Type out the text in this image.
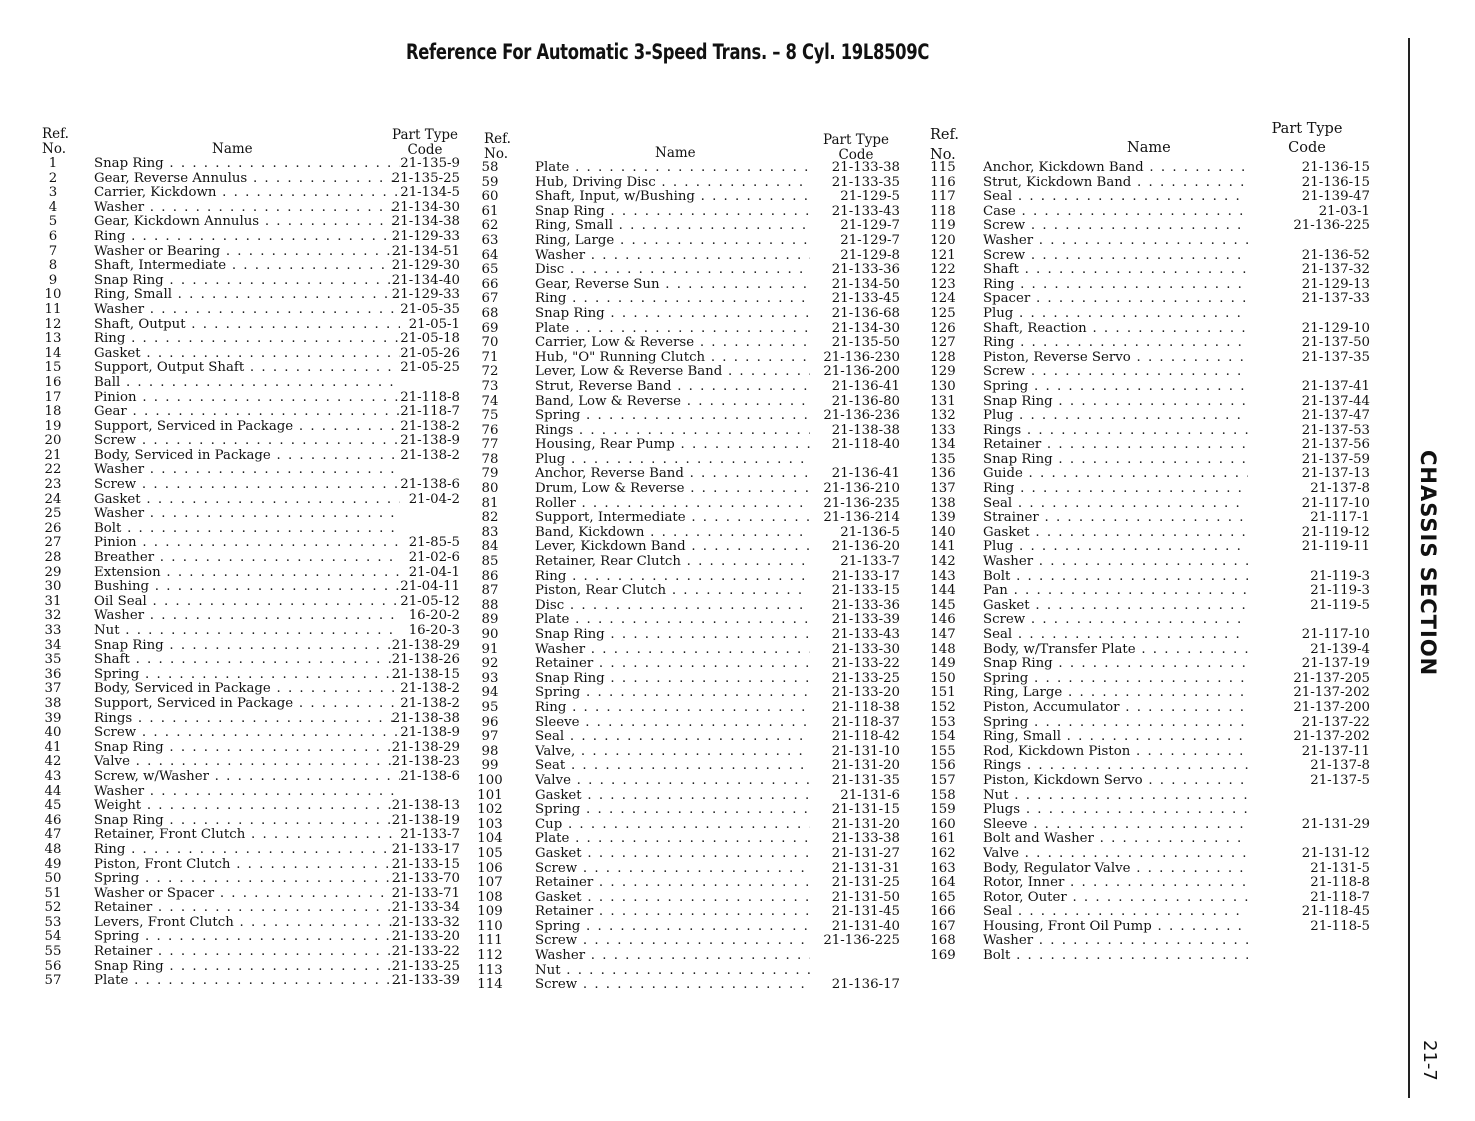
Reference For Automatic 3-Speed Trans. – 8 Cyl. 19L8509C
Ref.
No.	Name
Part Type
Code
1	Snap Ring . . .	21-135-9
2	Gear, Reverse Annulus . . .	21-135-25
3	Carrier, Kickdown . . .	21-134-5
4	Washer . . .	21-134-30
5	Gear, Kickdown Annulus . . .	21-134-38
6	Ring . . .	21-129-33
7	Washer or Bearing . . .	21-134-51
8	Shaft, Intermediate . . .	21-129-30
9	Snap Ring . . .	21-134-40
10	Ring, Small . . .	21-129-33
11	Washer . . .	21-05-35
12	Shaft, Output . . .	21-05-1
13	Ring . . .	21-05-18
14	Gasket . . .	21-05-26
15	Support, Output Shaft . . .	21-05-25
16	Ball . . .
17	Pinion . . .	21-118-8
18	Gear . . .	21-118-7
19	Support, Serviced in Package . . .	21-138-2
20	Screw . . .	21-138-9
21	Body, Serviced in Package . . .	21-138-2
22	Washer . . .
23	Screw . . .	21-138-6
24	Gasket . . .	21-04-2
25	Washer . . .
26	Bolt . . .
27	Pinion . . .	21-85-5
28	Breather . . .	21-02-6
29	Extension . . .	21-04-1
30	Bushing . . .	21-04-11
31	Oil Seal . . .	21-05-12
32	Washer . . .	16-20-2
33	Nut . . .	16-20-3
34	Snap Ring . . .	21-138-29
35	Shaft . . .	21-138-26
36	Spring . . .	21-138-15
37	Body, Serviced in Package . . .	21-138-2
38	Support, Serviced in Package . . .	21-138-2
39	Rings . . .	21-138-38
40	Screw . . .	21-138-9
41	Snap Ring . . .	21-138-29
42	Valve . . .	21-138-23
43	Screw, w/Washer . . .	21-138-6
44	Washer . . .
45	Weight . . .	21-138-13
46	Snap Ring . . .	21-138-19
47	Retainer, Front Clutch . . .	21-133-7
48	Ring . . .	21-133-17
49	Piston, Front Clutch . . .	21-133-15
50	Spring . . .	21-133-70
51	Washer or Spacer . . .	21-133-71
52	Retainer . . .	21-133-34
53	Levers, Front Clutch . . .	21-133-32
54	Spring . . .	21-133-20
55	Retainer . . .	21-133-22
56	Snap Ring . . .	21-133-25
57	Plate . . .	21-133-39
Ref.
No.	Name
Part Type
Code
58	Plate . . .	21-133-38
59	Hub, Driving Disc . . .	21-133-35
60	Shaft, Input, w/Bushing . . .	21-129-5
61	Snap Ring . . .	21-133-43
62	Ring, Small . . .	21-129-7
63	Ring, Large . . .	21-129-7
64	Washer . . .	21-129-8
65	Disc . . .	21-133-36
66	Gear, Reverse Sun . . .	21-134-50
67	Ring . . .	21-133-45
68	Snap Ring . . .	21-136-68
69	Plate . . .	21-134-30
70	Carrier, Low & Reverse . . .	21-135-50
71	Hub, "O" Running Clutch . . .	21-136-230
72	Lever, Low & Reverse Band . . .	21-136-200
73	Strut, Reverse Band . . .	21-136-41
74	Band, Low & Reverse . . .	21-136-80
75	Spring . . .	21-136-236
76	Rings . . .	21-138-38
77	Housing, Rear Pump . . .	21-118-40
78	Plug . . .
79	Anchor, Reverse Band . . .	21-136-41
80	Drum, Low & Reverse . . .	21-136-210
81	Roller . . .	21-136-235
82	Support, Intermediate . . .	21-136-214
83	Band, Kickdown . . .	21-136-5
84	Lever, Kickdown Band . . .	21-136-20
85	Retainer, Rear Clutch . . .	21-133-7
86	Ring . . .	21-133-17
87	Piston, Rear Clutch . . .	21-133-15
88	Disc . . .	21-133-36
89	Plate . . .	21-133-39
90	Snap Ring . . .	21-133-43
91	Washer . . .	21-133-30
92	Retainer . . .	21-133-22
93	Snap Ring . . .	21-133-25
94	Spring . . .	21-133-20
95	Ring . . .	21-118-38
96	Sleeve . . .	21-118-37
97	Seal . . .	21-118-42
98	Valve, . . .	21-131-10
99	Seat . . .	21-131-20
100 Valve . . .	21-131-35
101 Gasket . . .	21-131-6
102 Spring . . .	21-131-15
103 Cup . . .	21-131-20
104 Plate . . .	21-133-38
105 Gasket . . .	21-131-27
106 Screw . . .	21-131-31
107 Retainer . . .	21-131-25
108 Gasket . . .	21-131-50
109 Retainer . . .	21-131-45
110 Spring . . .	21-131-40
111 Screw . . .	21-136-225
112 Washer . . .
113 Nut . . .
114 Screw . . .	21-136-17
Ref.
No.	Name
Part Type
Code
115 Anchor, Kickdown Band . . .	21-136-15
116 Strut, Kickdown Band . . .	21-136-15
117 Seal . . .	21-139-47
118 Case . . .	21-03-1
119 Screw . . .	21-136-225
120 Washer . . .
121 Screw . . .	21-136-52
122 Shaft . . .	21-137-32
123 Ring . . .	21-129-13
124 Spacer . . .	21-137-33
125 Plug . . .
126 Shaft, Reaction . . .	21-129-10
127 Ring . . .	21-137-50
128 Piston, Reverse Servo . . .	21-137-35
129 Screw . . .
130 Spring . . .	21-137-41
131 Snap Ring . . .	21-137-44
132 Plug . . .	21-137-47
133 Rings . . .	21-137-53
134 Retainer . . .	21-137-56
135 Snap Ring . . .	21-137-59
136 Guide . . .	21-137-13
137 Ring . . .	21-137-8
138 Seal . . .	21-117-10
139 Strainer . . .	21-117-1
140 Gasket . . .	21-119-12
141 Plug . . .	21-119-11
142 Washer . . .
143 Bolt . . .	21-119-3
144 Pan . . .	21-119-3
145 Gasket . . .	21-119-5
146 Screw . . .
147 Seal . . .	21-117-10
148 Body, w/Transfer Plate . . .	21-139-4
149 Snap Ring . . .	21-137-19
150 Spring . . .	21-137-205
151 Ring, Large . . .	21-137-202
152 Piston, Accumulator . . .	21-137-200
153 Spring . . .	21-137-22
154 Ring, Small . . .	21-137-202
155 Rod, Kickdown Piston . . .	21-137-11
156 Rings . . .	21-137-8
157 Piston, Kickdown Servo . . .	21-137-5
158 Nut . . .
159 Plugs . . .
160 Sleeve . . .	21-131-29
161 Bolt and Washer . . .
162 Valve . . .	21-131-12
163 Body, Regulator Valve . . .	21-131-5
164 Rotor, Inner . . .	21-118-8
165 Rotor, Outer . . .	21-118-7
166 Seal . . .	21-118-45
167 Housing, Front Oil Pump . . .	21-118-5
168 Washer . . .
169 Bolt . . .
CHASSIS SECTION
21-7
